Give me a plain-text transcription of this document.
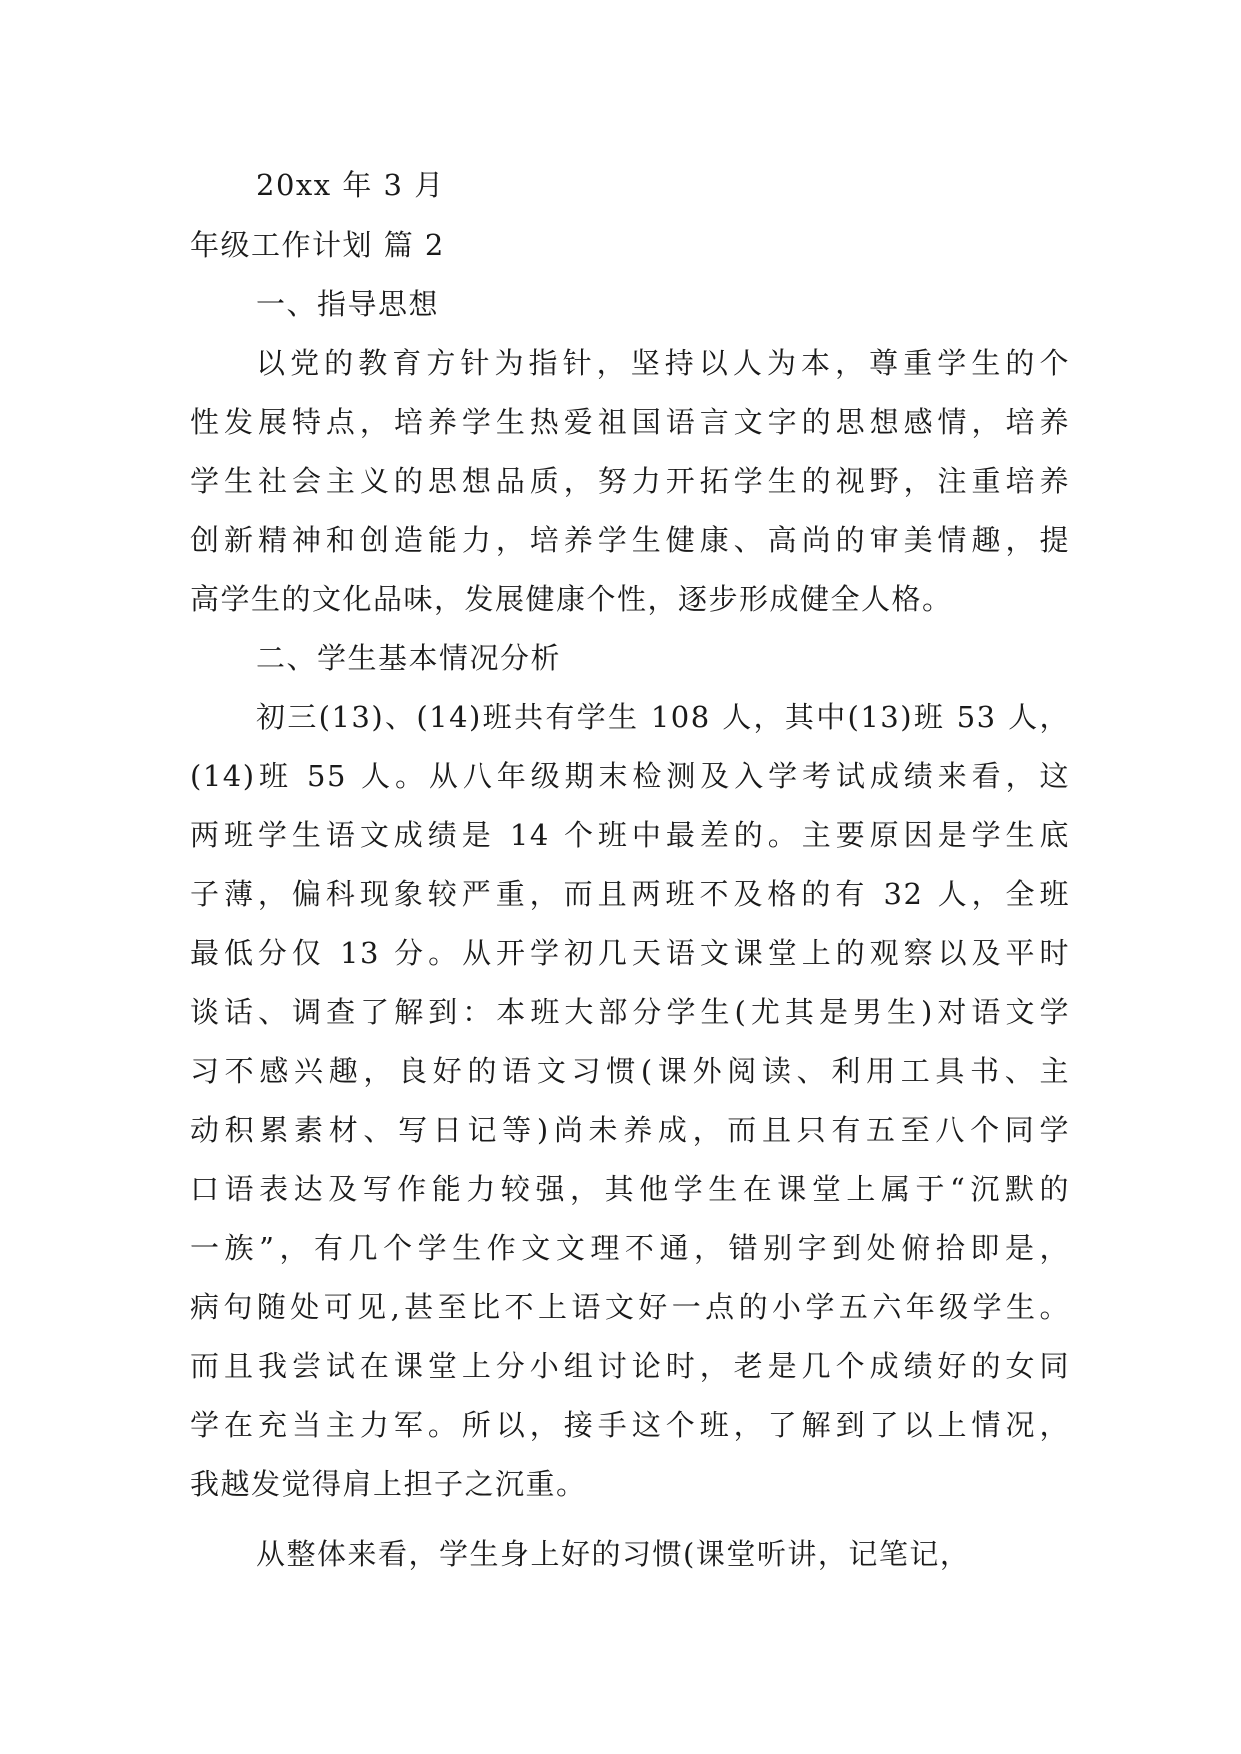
20xx 年 3 月
年级工作计划 篇 2
一、指导思想
以党的教育方针为指针，坚持以人为本，尊重学生的个
性发展特点，培养学生热爱祖国语言文字的思想感情，培养
学生社会主义的思想品质，努力开拓学生的视野，注重培养
创新精神和创造能力，培养学生健康、高尚的审美情趣，提
高学生的文化品味，发展健康个性，逐步形成健全人格。
二、学生基本情况分析
初三(13)、(14)班共有学生 108 人，其中(13)班 53 人，
(14)班 55 人。从八年级期末检测及入学考试成绩来看，这
两班学生语文成绩是 14 个班中最差的。主要原因是学生底
子薄，偏科现象较严重，而且两班不及格的有 32 人，全班
最低分仅 13 分。从开学初几天语文课堂上的观察以及平时
谈话、调查了解到：本班大部分学生(尤其是男生)对语文学
习不感兴趣，良好的语文习惯(课外阅读、利用工具书、主
动积累素材、写日记等)尚未养成，而且只有五至八个同学
口语表达及写作能力较强，其他学生在课堂上属于“沉默的
一族”，有几个学生作文文理不通，错别字到处俯拾即是，
病句随处可见,甚至比不上语文好一点的小学五六年级学生。
而且我尝试在课堂上分小组讨论时，老是几个成绩好的女同
学在充当主力军。所以，接手这个班，了解到了以上情况，
我越发觉得肩上担子之沉重。
从整体来看，学生身上好的习惯(课堂听讲，记笔记，
